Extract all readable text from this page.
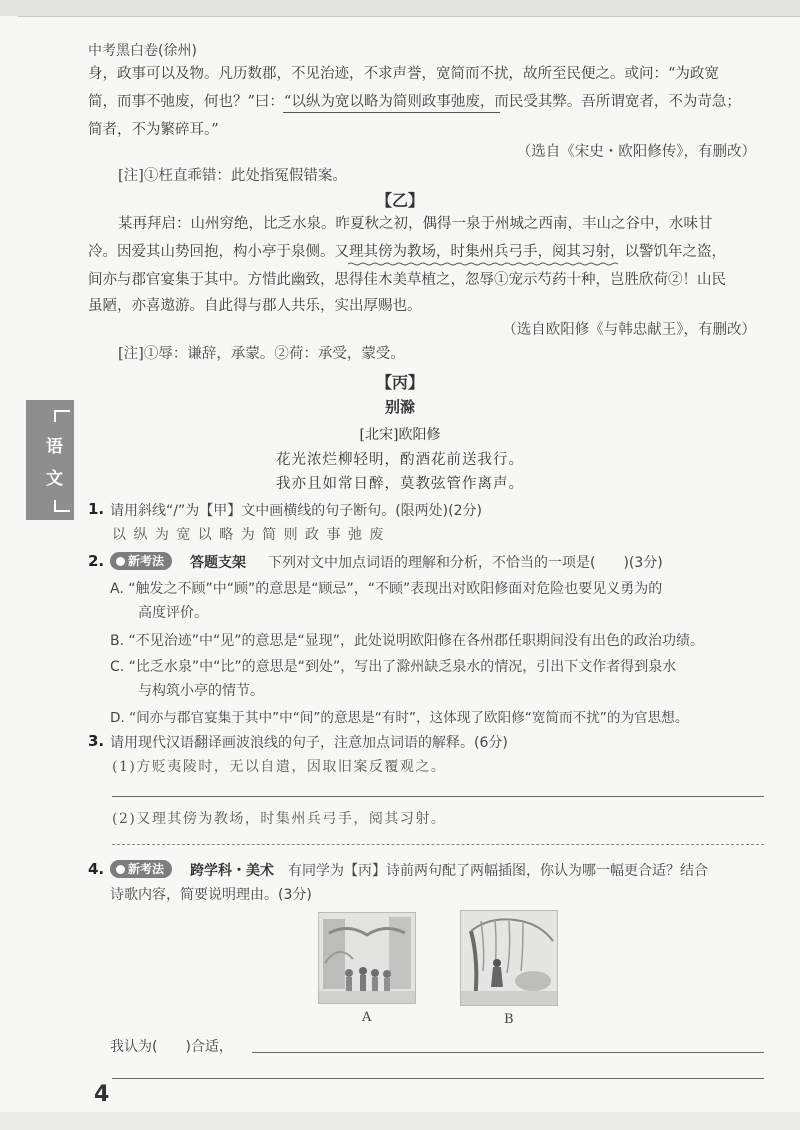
中考黑白卷(徐州)
身，政事可以及物。凡历数郡，不见治迹，不求声誉，宽简而不扰，故所至民便之。或问：“为政宽
简，而事不弛废，何也？”曰：“以纵为宽以略为简则政事弛废，而民受其弊。吾所谓宽者，不为苛急；
简者，不为繁碎耳。”
（选自《宋史・欧阳修传》，有删改）
[注]①枉直乖错：此处指冤假错案。
【乙】
某再拜启：山州穷绝，比乏水泉。昨夏秋之初，偶得一泉于州城之西南，丰山之谷中，水味甘
冷。因爱其山势回抱，构小亭于泉侧。又理其傍为教场，时集州兵弓手，阅其习射，以警饥年之盗，
间亦与郡官宴集于其中。方惜此幽致，思得佳木美草植之，忽辱①宠示芍药十种，岂胜欣荷②！山民
虽陋，亦喜遨游。自此得与郡人共乐，实出厚赐也。
（选自欧阳修《与韩忠献王》，有删改）
[注]①辱：谦辞，承蒙。②荷：承受，蒙受。
【丙】
别滁
[北宋]欧阳修
花光浓烂柳轻明，酌酒花前送我行。
我亦且如常日醉，莫教弦管作离声。
语
文
1. 请用斜线“/”为【甲】文中画横线的句子断句。(限两处)(2分)
以 纵 为 宽 以 略 为 简 则 政 事 弛 废
2.	新考法	答题支架 下列对文中加点词语的理解和分析，不恰当的一项是(　　)(3分)
A. “触发之不顾”中“顾”的意思是“顾忌”，“不顾”表现出对欧阳修面对危险也要见义勇为的
　　高度评价。
B. “不见治迹”中“见”的意思是“显现”，此处说明欧阳修在各州郡任职期间没有出色的政治功绩。
C. “比乏水泉”中“比”的意思是“到处”，写出了滁州缺乏泉水的情况，引出下文作者得到泉水
　　与构筑小亭的情节。
D. “间亦与郡官宴集于其中”中“间”的意思是“有时”，这体现了欧阳修“宽简而不扰”的为官思想。
3. 请用现代汉语翻译画波浪线的句子，注意加点词语的解释。(6分)
(1)方贬夷陵时，无以自遣，因取旧案反覆观之。
(2)又理其傍为教场，时集州兵弓手，阅其习射。
4.	新考法	跨学科・美术 有同学为【丙】诗前两句配了两幅插图，你认为哪一幅更合适？结合
诗歌内容，简要说明理由。(3分)
A	B
我认为(　　)合适，
4
